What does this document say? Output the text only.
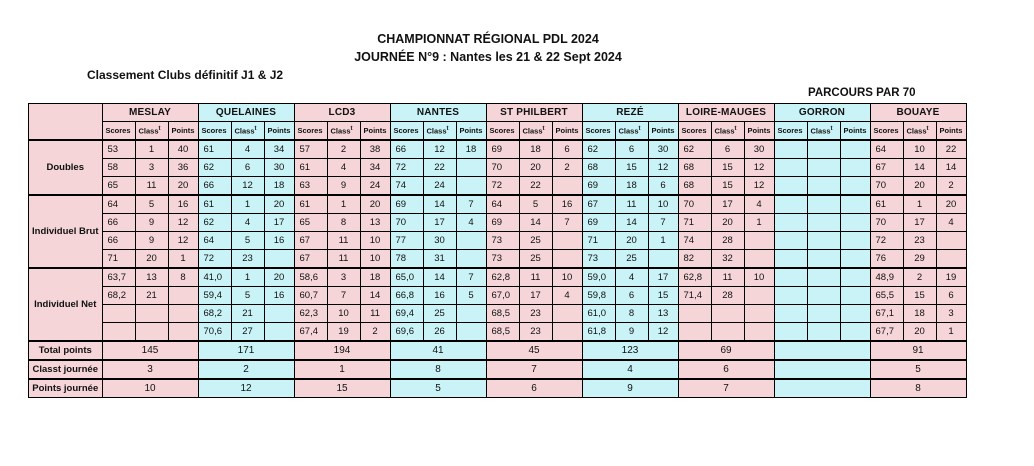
CHAMPIONNAT RÉGIONAL PDL 2024
JOURNÉE N°9 : Nantes les 21 & 22 Sept 2024
Classement Clubs définitif J1 & J2
PARCOURS PAR 70
	MESLAY			QUELAINES			LCD3			NANTES			ST PHILBERT			REZÉ			LOIRE-MAUGES			GORRON			BOUAYE		
	Scores	Class$^t$	Points	Scores	Class$^t$	Points	Scores	Class$^t$	Points	Scores	Class$^t$	Points	Scores	Class$^t$	Points	Scores	Class$^t$	Points	Scores	Class$^t$	Points	Scores	Class$^t$	Points	Scores	Class$^t$	Points
Doubles	53	1	40	61	4	34	57	2	38	66	12	18	69	18	6	62	6	30	62	6	30				64	10	22
	58	3	36	62	6	30	61	4	34	72	22		70	20	2	68	15	12	68	15	12				67	14	14
	65	11	20	66	12	18	63	9	24	74	24		72	22		69	18	6	68	15	12				70	20	2
Individuel Brut	64	5	16	61	1	20	61	1	20	69	14	7	64	5	16	67	11	10	70	17	4				61	1	20
	66	9	12	62	4	17	65	8	13	70	17	4	69	14	7	69	14	7	71	20	1				70	17	4
	66	9	12	64	5	16	67	11	10	77	30		73	25		71	20	1	74	28					72	23	
	71	20	1	72	23		67	11	10	78	31		73	25		73	25		82	32					76	29	
Individuel Net	63,7	13	8	41,0	1	20	58,6	3	18	65,0	14	7	62,8	11	10	59,0	4	17	62,8	11	10				48,9	2	19
	68,2	21		59,4	5	16	60,7	7	14	66,8	16	5	67,0	17	4	59,8	6	15	71,4	28					65,5	15	6
				68,2	21		62,3	10	11	69,4	25		68,5	23		61,0	8	13							67,1	18	3
				70,6	27		67,4	19	2	69,6	26		68,5	23		61,8	9	12							67,7	20	1
Total points	145			171			194			41			45			123			69						91		
Classt journée	3			2			1			8			7			4			6						5		
Points journée	10			12			15			5			6			9			7						8		
